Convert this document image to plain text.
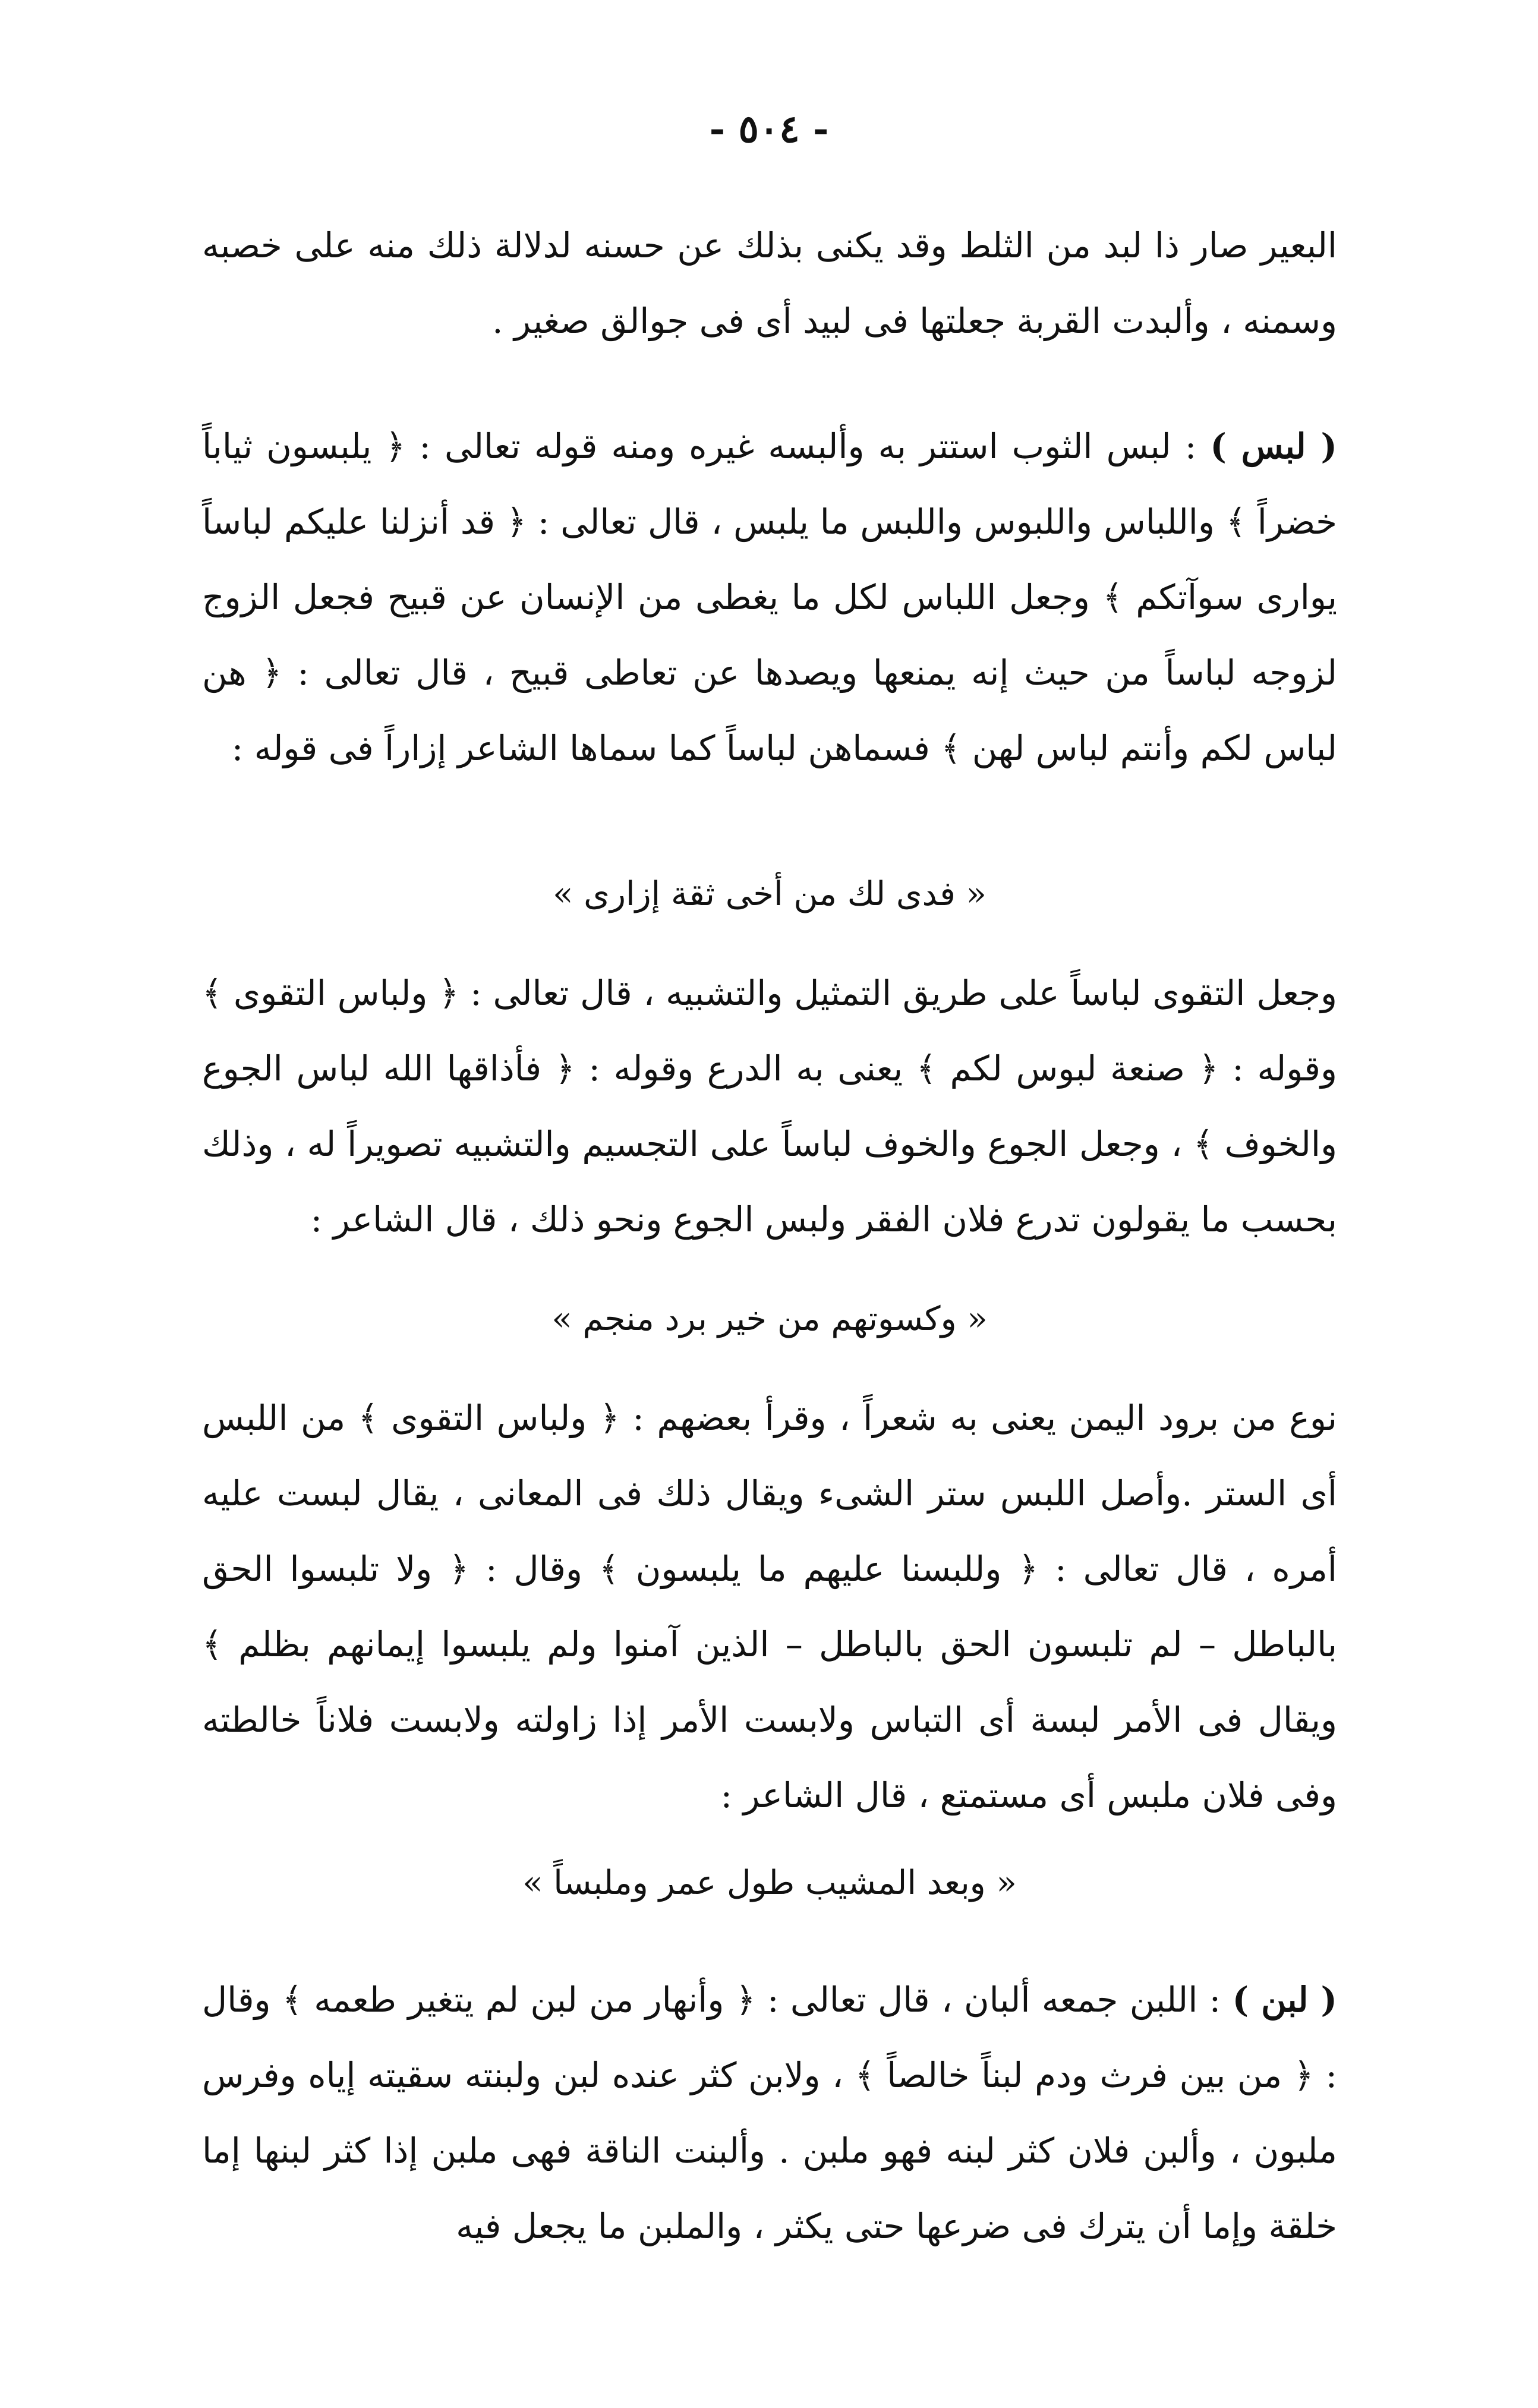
- ٥٠٤ -

البعير صار ذا لبد من الثلط وقد يكنى بذلك عن حسنه لدلالة ذلك منه على خصبه وسمنه ، وألبدت القربة جعلتها فى لبيد أى فى جوالق صغير .

( لبس ) : لبس الثوب استتر به وألبسه غيره ومنه قوله تعالى : ﴿ يلبسون ثياباً خضراً ﴾ واللباس واللبوس واللبس ما يلبس ، قال تعالى : ﴿ قد أنزلنا عليكم لباساً يوارى سوآتكم ﴾ وجعل اللباس لكل ما يغطى من الإنسان عن قبيح فجعل الزوج لزوجه لباساً من حيث إنه يمنعها ويصدها عن تعاطى قبيح ، قال تعالى : ﴿ هن لباس لكم وأنتم لباس لهن ﴾ فسماهن لباساً كما سماها الشاعر إزاراً فى قوله :

« فدى لك من أخى ثقة إزارى »

وجعل التقوى لباساً على طريق التمثيل والتشبيه ، قال تعالى : ﴿ ولباس التقوى ﴾ وقوله : ﴿ صنعة لبوس لكم ﴾ يعنى به الدرع وقوله : ﴿ فأذاقها الله لباس الجوع والخوف ﴾ ، وجعل الجوع والخوف لباساً على التجسيم والتشبيه تصويراً له ، وذلك بحسب ما يقولون تدرع فلان الفقر ولبس الجوع ونحو ذلك ، قال الشاعر :

« وكسوتهم من خير برد منجم »

نوع من برود اليمن يعنى به شعراً ، وقرأ بعضهم : ﴿ ولباس التقوى ﴾ من اللبس أى الستر .وأصل اللبس ستر الشىء ويقال ذلك فى المعانى ، يقال لبست عليه أمره ، قال تعالى : ﴿ وللبسنا عليهم ما يلبسون ﴾ وقال : ﴿ ولا تلبسوا الحق بالباطل – لم تلبسون الحق بالباطل – الذين آمنوا ولم يلبسوا إيمانهم بظلم ﴾ ويقال فى الأمر لبسة أى التباس ولابست الأمر إذا زاولته ولابست فلاناً خالطته وفى فلان ملبس أى مستمتع ، قال الشاعر :

« وبعد المشيب طول عمر وملبساً »

( لبن ) : اللبن جمعه ألبان ، قال تعالى : ﴿ وأنهار من لبن لم يتغير طعمه ﴾ وقال : ﴿ من بين فرث ودم لبناً خالصاً ﴾ ، ولابن كثر عنده لبن ولبنته سقيته إياه وفرس ملبون ، وألبن فلان كثر لبنه فهو ملبن . وألبنت الناقة فهى ملبن إذا كثر لبنها إما خلقة وإما أن يترك فى ضرعها حتى يكثر ، والملبن ما يجعل فيه
